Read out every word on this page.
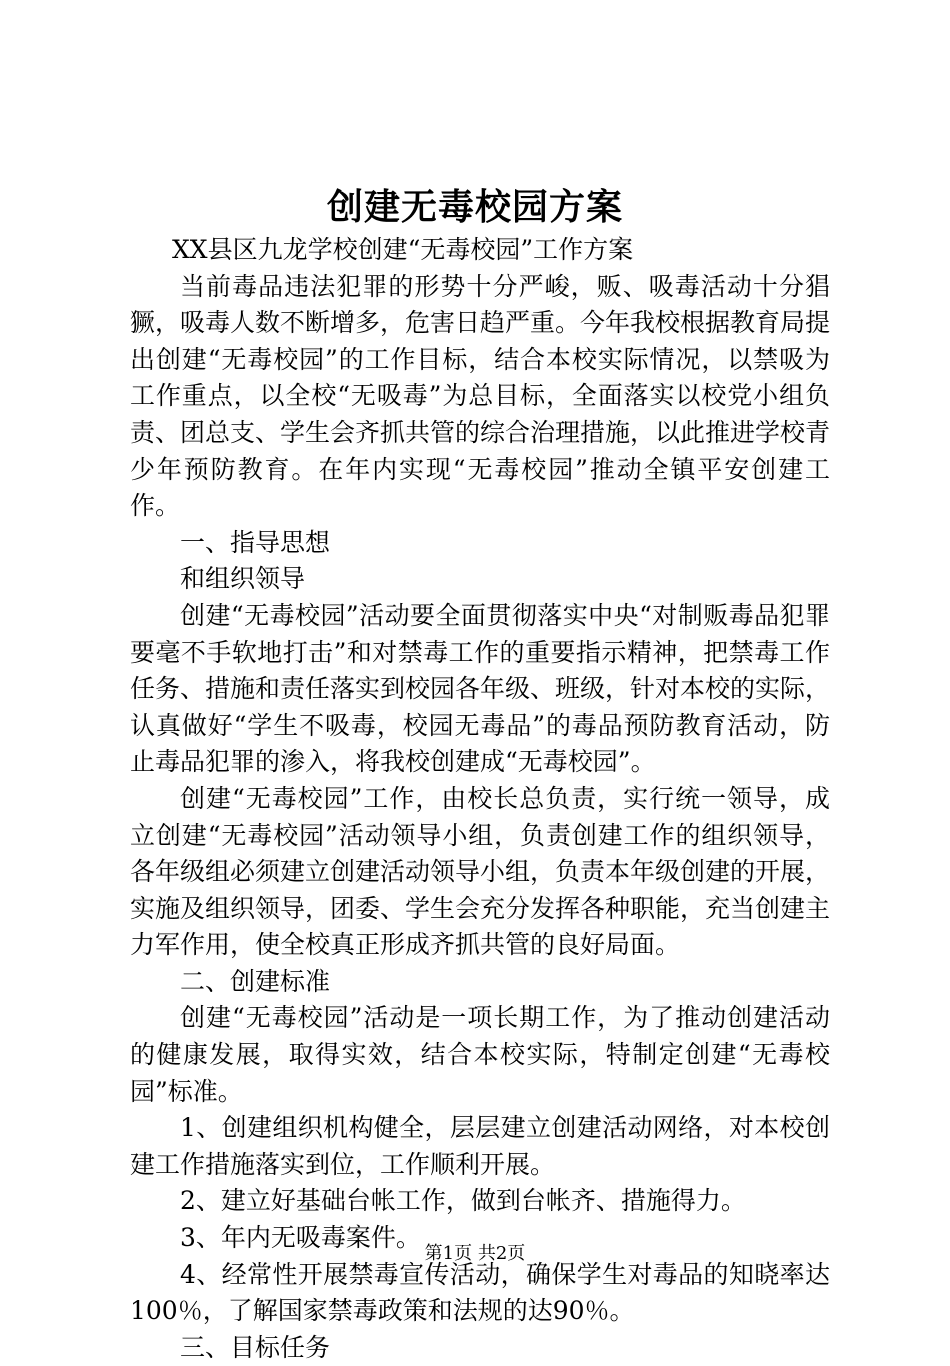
创建无毒校园方案

XX县区九龙学校创建“无毒校园”工作方案

当前毒品违法犯罪的形势十分严峻，贩、吸毒活动十分猖獗，吸毒人数不断增多，危害日趋严重。今年我校根据教育局提出创建“无毒校园”的工作目标，结合本校实际情况，以禁吸为工作重点，以全校“无吸毒”为总目标，全面落实以校党小组负责、团总支、学生会齐抓共管的综合治理措施，以此推进学校青少年预防教育。在年内实现“无毒校园”推动全镇平安创建工作。

一、指导思想

和组织领导

创建“无毒校园”活动要全面贯彻落实中央“对制贩毒品犯罪要毫不手软地打击”和对禁毒工作的重要指示精神，把禁毒工作任务、措施和责任落实到校园各年级、班级，针对本校的实际，认真做好“学生不吸毒，校园无毒品”的毒品预防教育活动，防止毒品犯罪的渗入，将我校创建成“无毒校园”。

创建“无毒校园”工作，由校长总负责，实行统一领导，成立创建“无毒校园”活动领导小组，负责创建工作的组织领导，各年级组必须建立创建活动领导小组，负责本年级创建的开展，实施及组织领导，团委、学生会充分发挥各种职能，充当创建主力军作用，使全校真正形成齐抓共管的良好局面。

二、创建标准

创建“无毒校园”活动是一项长期工作，为了推动创建活动的健康发展，取得实效，结合本校实际，特制定创建“无毒校园”标准。

1、创建组织机构健全，层层建立创建活动网络，对本校创建工作措施落实到位，工作顺利开展。

2、建立好基础台帐工作，做到台帐齐、措施得力。

3、年内无吸毒案件。

4、经常性开展禁毒宣传活动，确保学生对毒品的知晓率达100％，了解国家禁毒政策和法规的达90％。

三、目标任务

第1页 共2页
